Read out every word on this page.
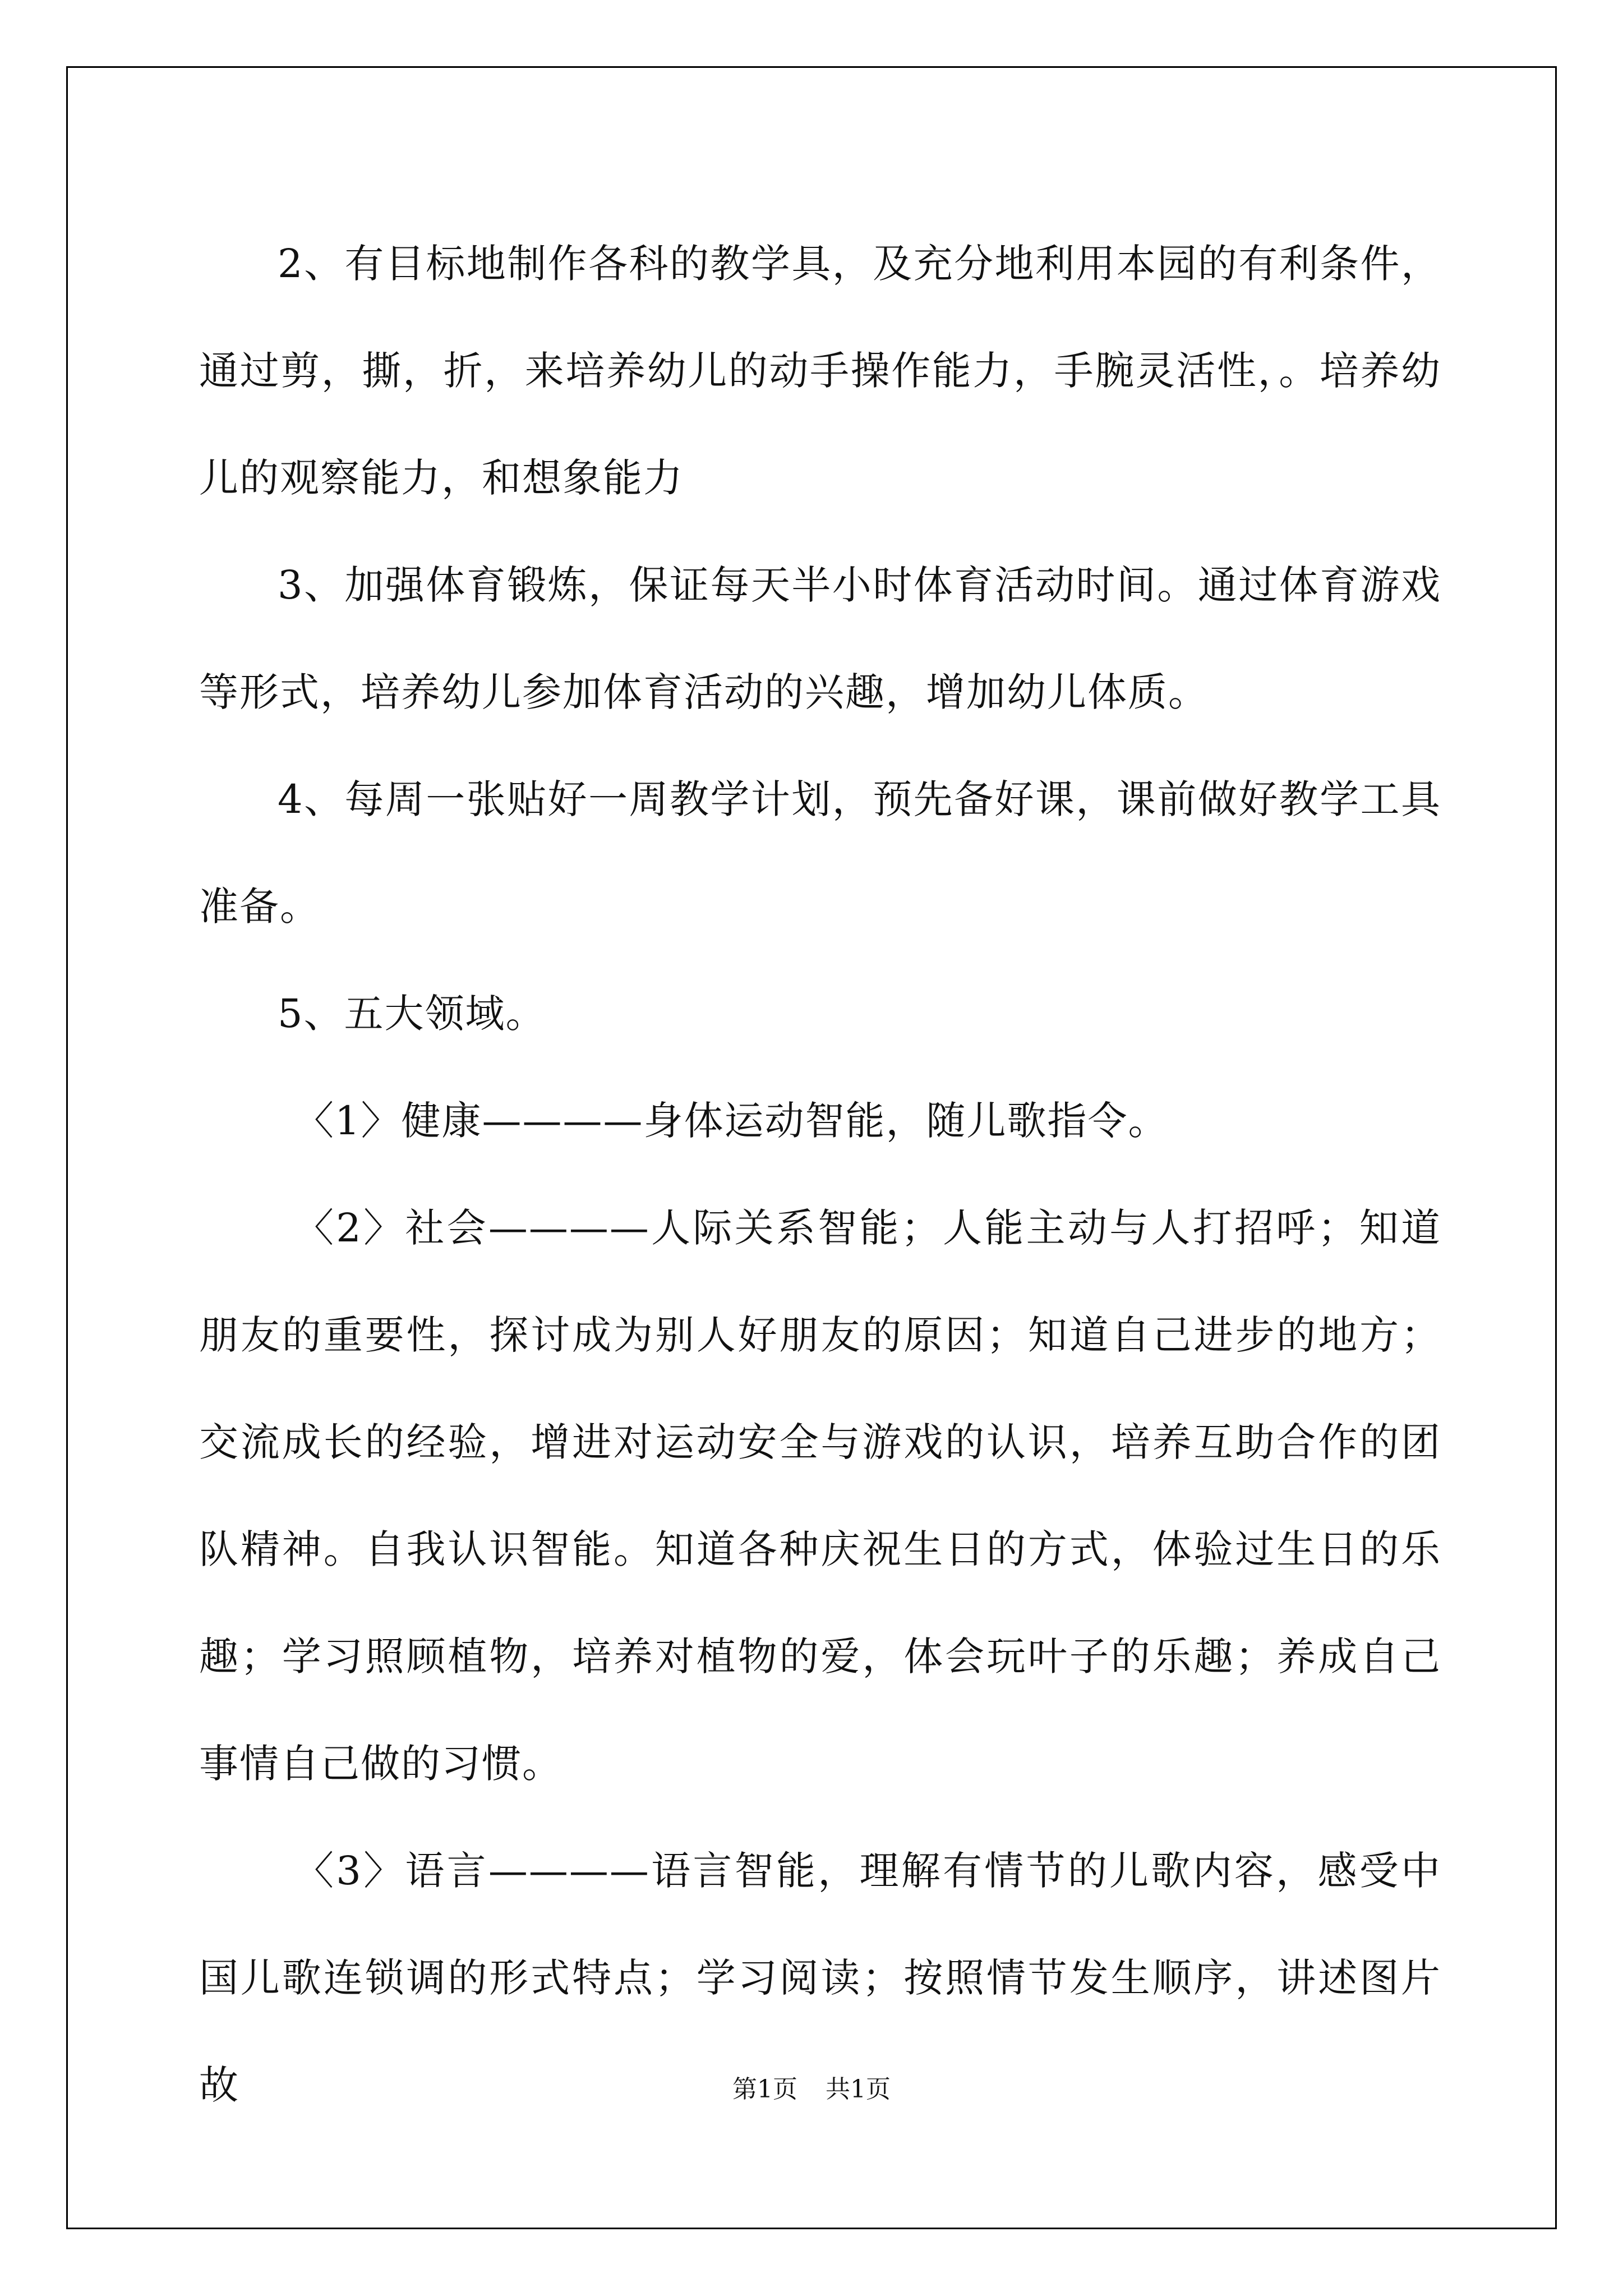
2、有目标地制作各科的教学具，及充分地利用本园的有利条件，通过剪，撕，折，来培养幼儿的动手操作能力，手腕灵活性，。培养幼儿的观察能力，和想象能力

3、加强体育锻炼，保证每天半小时体育活动时间。通过体育游戏等形式，培养幼儿参加体育活动的兴趣，增加幼儿体质。

4、每周一张贴好一周教学计划，预先备好课，课前做好教学工具准备。

5、五大领域。

〈1〉健康————身体运动智能，随儿歌指令。

〈2〉社会————人际关系智能；人能主动与人打招呼；知道朋友的重要性，探讨成为别人好朋友的原因；知道自己进步的地方；交流成长的经验，增进对运动安全与游戏的认识，培养互助合作的团队精神。自我认识智能。知道各种庆祝生日的方式，体验过生日的乐趣；学习照顾植物，培养对植物的爱，体会玩叶子的乐趣；养成自己事情自己做的习惯。

〈3〉语言————语言智能，理解有情节的儿歌内容，感受中国儿歌连锁调的形式特点；学习阅读；按照情节发生顺序，讲述图片故	第1页 共1页
